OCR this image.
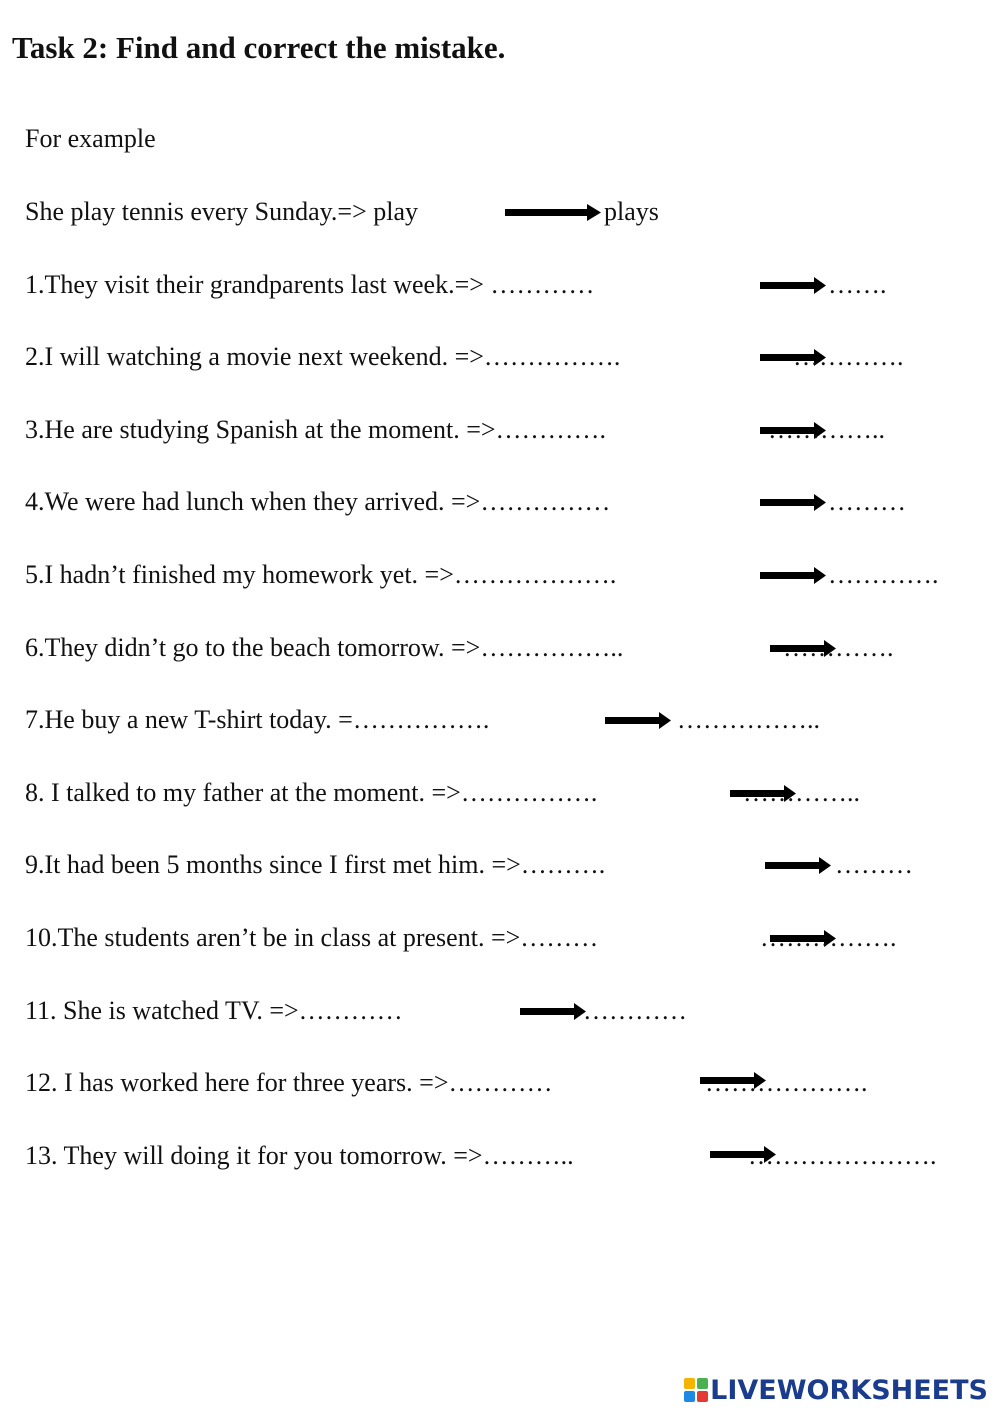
Task 2: Find and correct the mistake.
For example
She play tennis every Sunday.=> play	plays
1.They visit their grandparents last week.=> …………	…….
2.I will watching a movie next weekend. =>…………….	………….
3.He are studying Spanish at the moment. =>………….	…………..
4.We were had lunch when they arrived. =>……………	………
5.I hadn’t finished my homework yet. =>……………….	………….
6.They didn’t go to the beach tomorrow. =>……………..	………….
7.He buy a new T-shirt today. =…………….	……………..
8. I talked to my father at the moment. =>…………….	…………..
9.It had been 5 months since I first met him. =>……….	………
10.The students aren’t be in class at present. =>………	…………….
11. She is watched TV. =>…………	…………
12. I has worked here for three years. =>…………	……………….
13. They will doing it for you tomorrow. =>………..	………………….
LIVEWORKSHEETS
